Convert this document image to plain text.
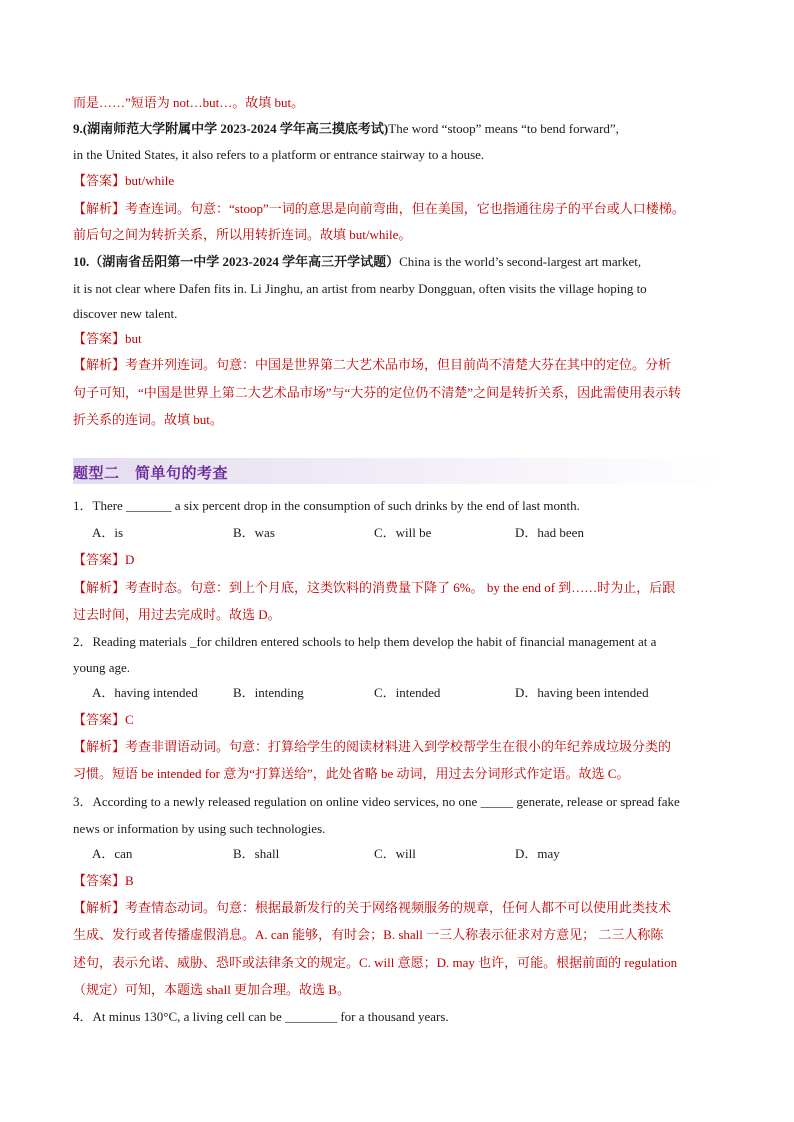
而是……”短语为 not…but…。故填 but。
9.(湖南师范大学附属中学 2023-2024 学年高三摸底考试)The word “stoop” means “to bend forward”,
in the United States, it also refers to a platform or entrance stairway to a house.
【答案】but/while
【解析】考查连词。句意：“stoop”一词的意思是向前弯曲，但在美国，它也指通往房子的平台或人口楼梯。
前后句之间为转折关系，所以用转折连词。故填 but/while。
10.（湖南省岳阳第一中学 2023-2024 学年高三开学试题）China is the world’s second-largest art market,
it is not clear where Dafen fits in. Li Jinghu, an artist from nearby Dongguan, often visits the village hoping to
discover new talent.
【答案】but
【解析】考查并列连词。句意：中国是世界第二大艺术品市场，但目前尚不清楚大芬在其中的定位。分析
句子可知，“中国是世界上第二大艺术品市场”与“大芬的定位仍不清楚”之间是转折关系，因此需使用表示转
折关系的连词。故填 but。
题型二　简单句的考查
1．There _______ a six percent drop in the consumption of such drinks by the end of last month.
A．is	B．was	C．will be	D．had been
【答案】D
【解析】考查时态。句意：到上个月底，这类饮料的消费量下降了 6%。 by the end of 到……时为止，后跟
过去时间，用过去完成时。故选 D。
2．Reading materials _for children entered schools to help them develop the habit of financial management at a
young age.
A．having intended	B．intending	C．intended	D．having been intended
【答案】C
【解析】考查非谓语动词。句意：打算给学生的阅读材料进入到学校帮学生在很小的年纪养成垃圾分类的
习惯。短语 be intended for 意为“打算送给”，此处省略 be 动词，用过去分词形式作定语。故选 C。
3．According to a newly released regulation on online video services, no one _____ generate, release or spread fake
news or information by using such technologies.
A．can	B．shall	C．will	D．may
【答案】B
【解析】考查情态动词。句意：根据最新发行的关于网络视频服务的规章，任何人都不可以使用此类技术
生成、发行或者传播虚假消息。A. can 能够，有时会；B. shall 一三人称表示征求对方意见； 二三人称陈
述句，表示允诺、威胁、恐吓或法律条文的规定。C. will 意愿；D. may 也许，可能。根据前面的 regulation
（规定）可知，本题选 shall 更加合理。故选 B。
4．At minus 130°C, a living cell can be ________ for a thousand years.
